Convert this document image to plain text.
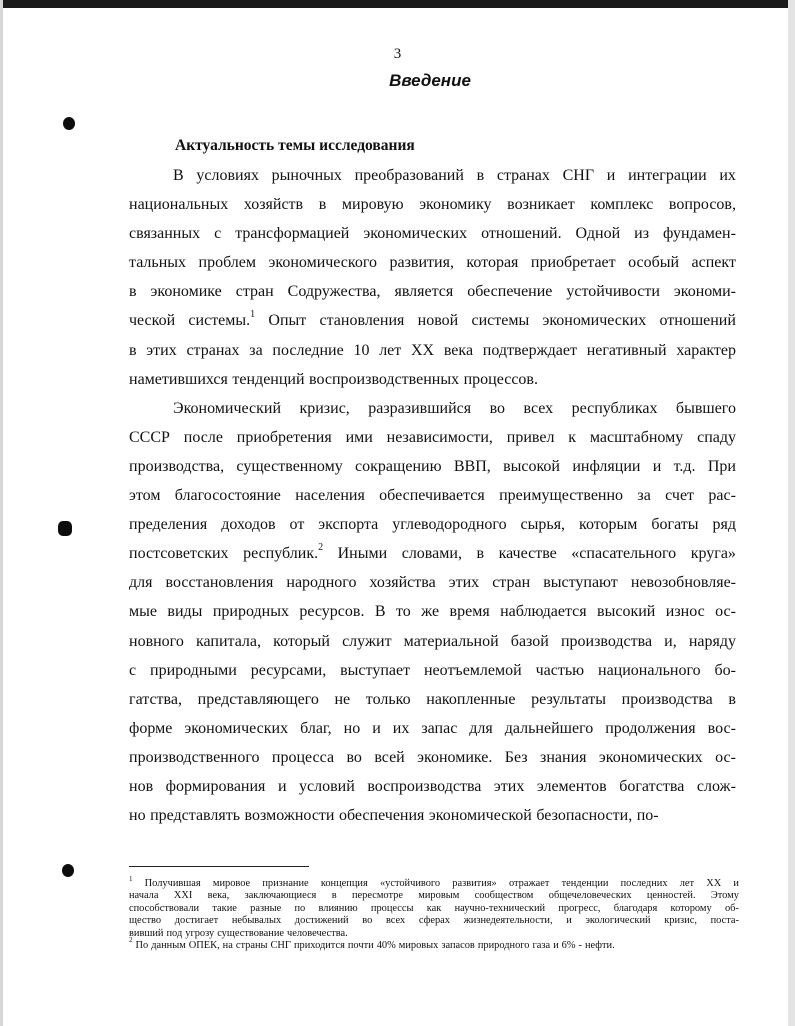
3
Введение
Актуальность темы исследования
В условиях рыночных преобразований в странах СНГ и интеграции их
национальных хозяйств в мировую экономику возникает комплекс вопросов,
связанных с трансформацией экономических отношений. Одной из фундамен-
тальных проблем экономического развития, которая приобретает особый аспект
в экономике стран Содружества, является обеспечение устойчивости экономи-
ческой системы.$^1$ Опыт становления новой системы экономических отношений
в этих странах за последние 10 лет XX века подтверждает негативный характер
наметившихся тенденций воспроизводственных процессов.
Экономический кризис, разразившийся во всех республиках бывшего
СССР после приобретения ими независимости, привел к масштабному спаду
производства, существенному сокращению ВВП, высокой инфляции и т.д. При
этом благосостояние населения обеспечивается преимущественно за счет рас-
пределения доходов от экспорта углеводородного сырья, которым богаты ряд
постсоветских республик.$^2$ Иными словами, в качестве «спасательного круга»
для восстановления народного хозяйства этих стран выступают невозобновляе-
мые виды природных ресурсов. В то же время наблюдается высокий износ ос-
новного капитала, который служит материальной базой производства и, наряду
с природными ресурсами, выступает неотъемлемой частью национального бо-
гатства, представляющего не только накопленные результаты производства в
форме экономических благ, но и их запас для дальнейшего продолжения вос-
производственного процесса во всей экономике. Без знания экономических ос-
нов формирования и условий воспроизводства этих элементов богатства слож-
но представлять возможности обеспечения экономической безопасности, по-
$^1$ Получившая мировое признание концепция «устойчивого развития» отражает тенденции последних лет XX и
начала XXI века, заключающиеся в пересмотре мировым сообществом общечеловеческих ценностей. Этому
способствовали такие разные по влиянию процессы как научно-технический прогресс, благодаря которому об-
щество достигает небывалых достижений во всех сферах жизнедеятельности, и экологический кризис, поста-
вивший под угрозу существование человечества.
$^2$ По данным ОПЕК, на страны СНГ приходится почти 40% мировых запасов природного газа и 6% - нефти.
